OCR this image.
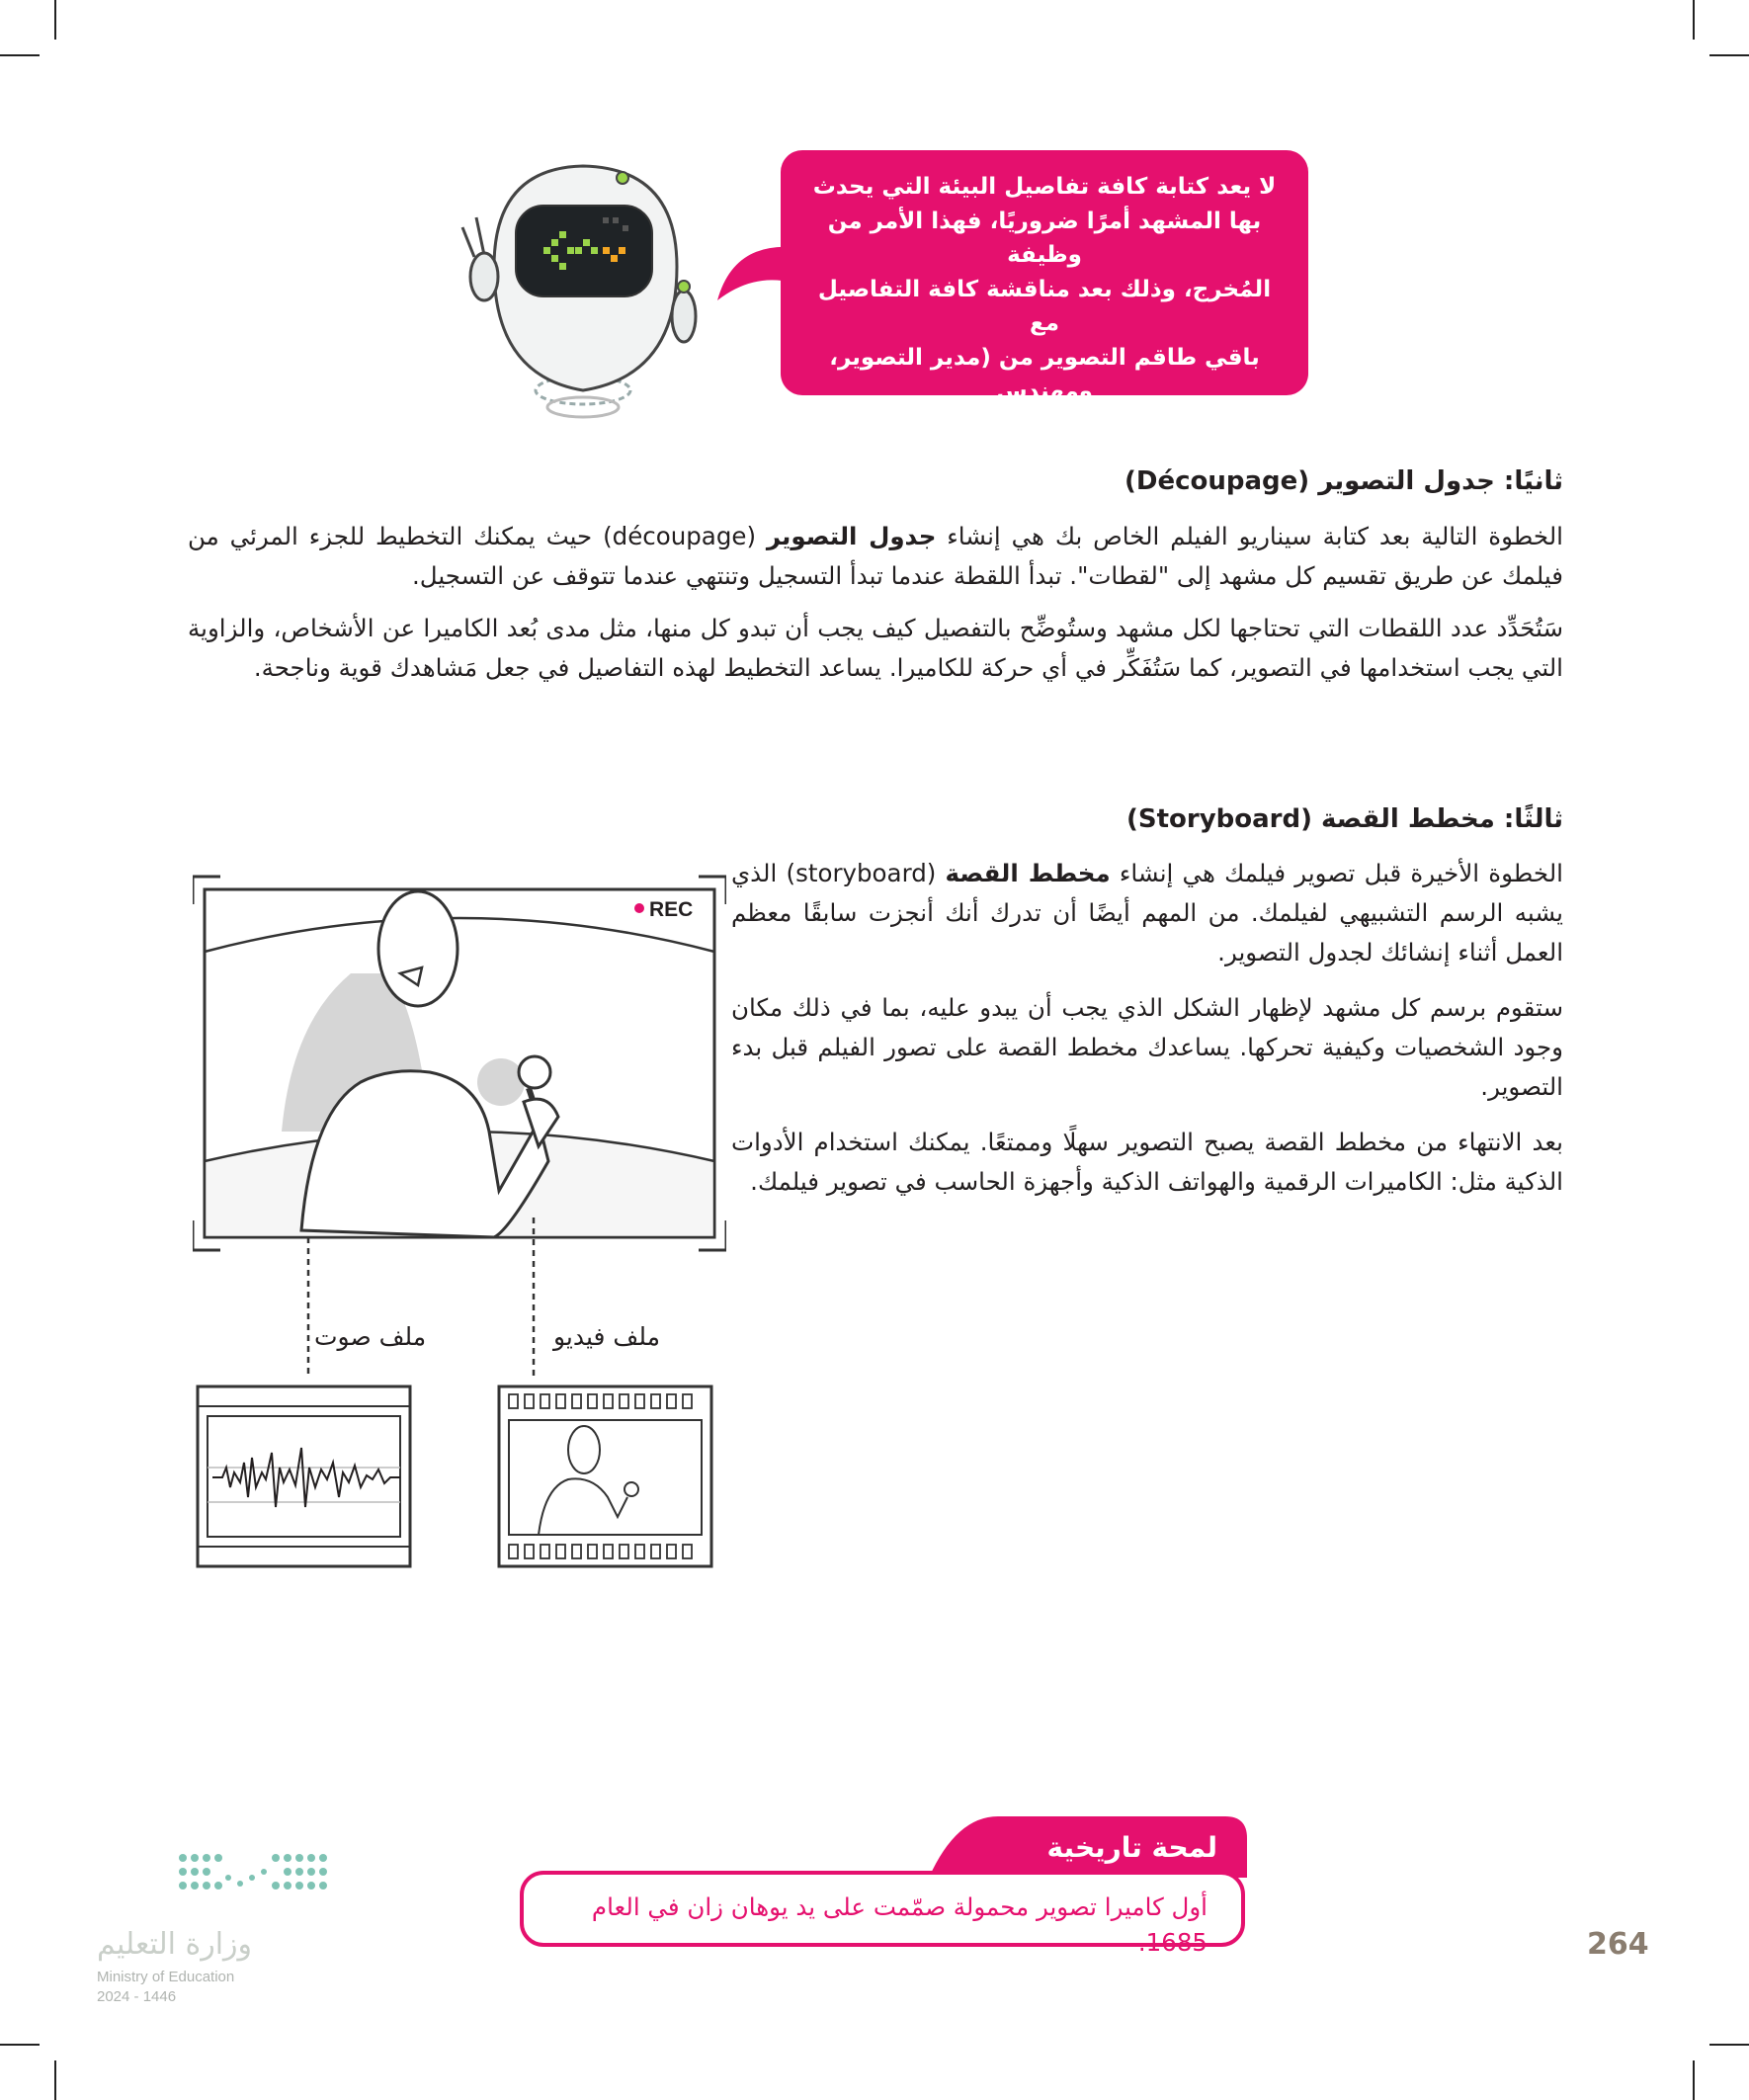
لا يعد كتابة كافة تفاصيل البيئة التي يحدث
بها المشهد أمرًا ضروريًا، فهذا الأمر من وظيفة
المُخرج، وذلك بعد مناقشة كافة التفاصيل مع
باقي طاقم التصوير من (مدير التصوير، ومهندس
الصوت، ومُصمم الموقع وباقي فريق العمل).
ثانيًا: جدول التصوير (Découpage)
الخطوة التالية بعد كتابة سيناريو الفيلم الخاص بك هي إنشاء جدول التصوير (découpage) حيث يمكنك التخطيط للجزء المرئي من فيلمك عن طريق تقسيم كل مشهد إلى "لقطات". تبدأ اللقطة عندما تبدأ التسجيل وتنتهي عندما تتوقف عن التسجيل.
سَتُحَدِّد عدد اللقطات التي تحتاجها لكل مشهد وستُوضِّح بالتفصيل كيف يجب أن تبدو كل منها، مثل مدى بُعد الكاميرا عن الأشخاص، والزاوية التي يجب استخدامها في التصوير، كما سَتُفَكِّر في أي حركة للكاميرا. يساعد التخطيط لهذه التفاصيل في جعل مَشاهدك قوية وناجحة.
ثالثًا: مخطط القصة (Storyboard)
الخطوة الأخيرة قبل تصوير فيلمك هي إنشاء مخطط القصة (storyboard) الذي يشبه الرسم التشبيهي لفيلمك. من المهم أيضًا أن تدرك أنك أنجزت سابقًا معظم العمل أثناء إنشائك لجدول التصوير.
ستقوم برسم كل مشهد لإظهار الشكل الذي يجب أن يبدو عليه، بما في ذلك مكان وجود الشخصيات وكيفية تحركها. يساعدك مخطط القصة على تصور الفيلم قبل بدء التصوير.
بعد الانتهاء من مخطط القصة يصبح التصوير سهلًا وممتعًا. يمكنك استخدام الأدوات الذكية مثل: الكاميرات الرقمية والهواتف الذكية وأجهزة الحاسب في تصوير فيلمك.
REC
ملف صوت	ملف فيديو
لمحة تاريخية
أول كاميرا تصوير محمولة صمّمت على يد يوهان زان في العام 1685.	264
وزارة التعليم
Ministry of Education
2024 - 1446
